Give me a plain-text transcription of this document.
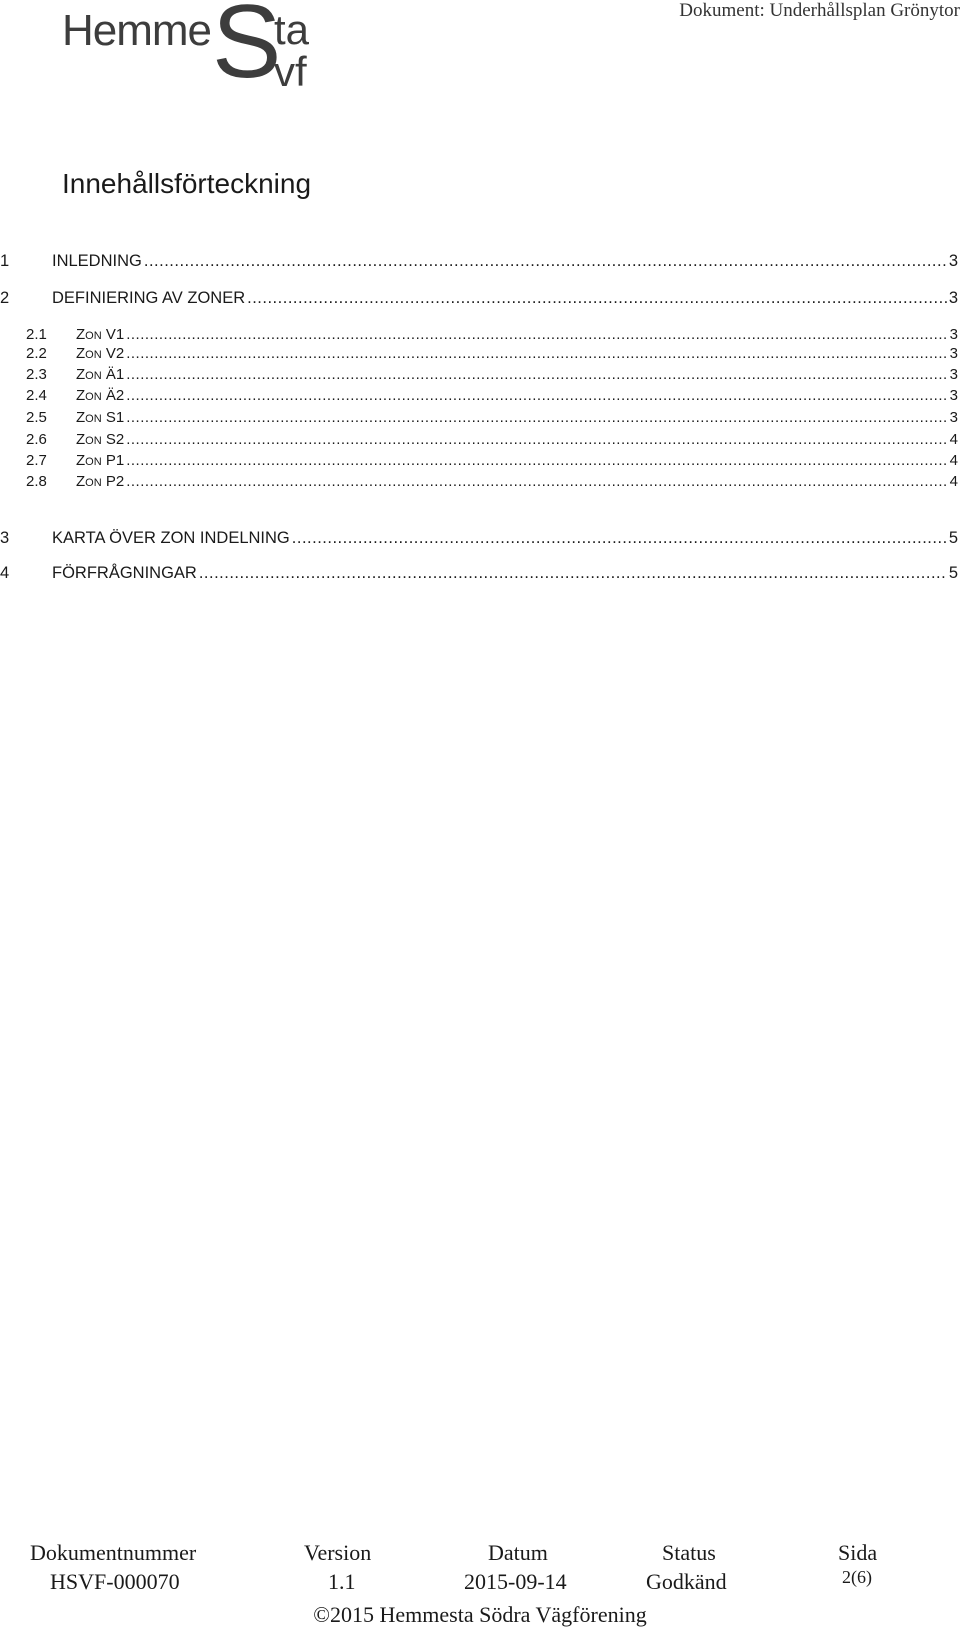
Hemme S
ta
vf
Dokument: Underhållsplan Grönytor
Innehållsförteckning
1	INLEDNING .....	3
2	DEFINIERING AV ZONER .....	3
2.1	ZON V1 .....	3
2.2	ZON V2 .....	3
2.3	ZON Ä1 .....	3
2.4	ZON Ä2 .....	3
2.5	ZON S1 .....	3
2.6	ZON S2 .....	4
2.7	ZON P1 .....	4
2.8	ZON P2 .....	4
3	KARTA ÖVER ZON INDELNING .....	5
4	FÖRFRÅGNINGAR .....	5
Dokumentnummer	Version	Datum	Status	Sida
HSVF-000070	1.1	2015-09-14	Godkänd	2(6)
©2015 Hemmesta Södra Vägförening
